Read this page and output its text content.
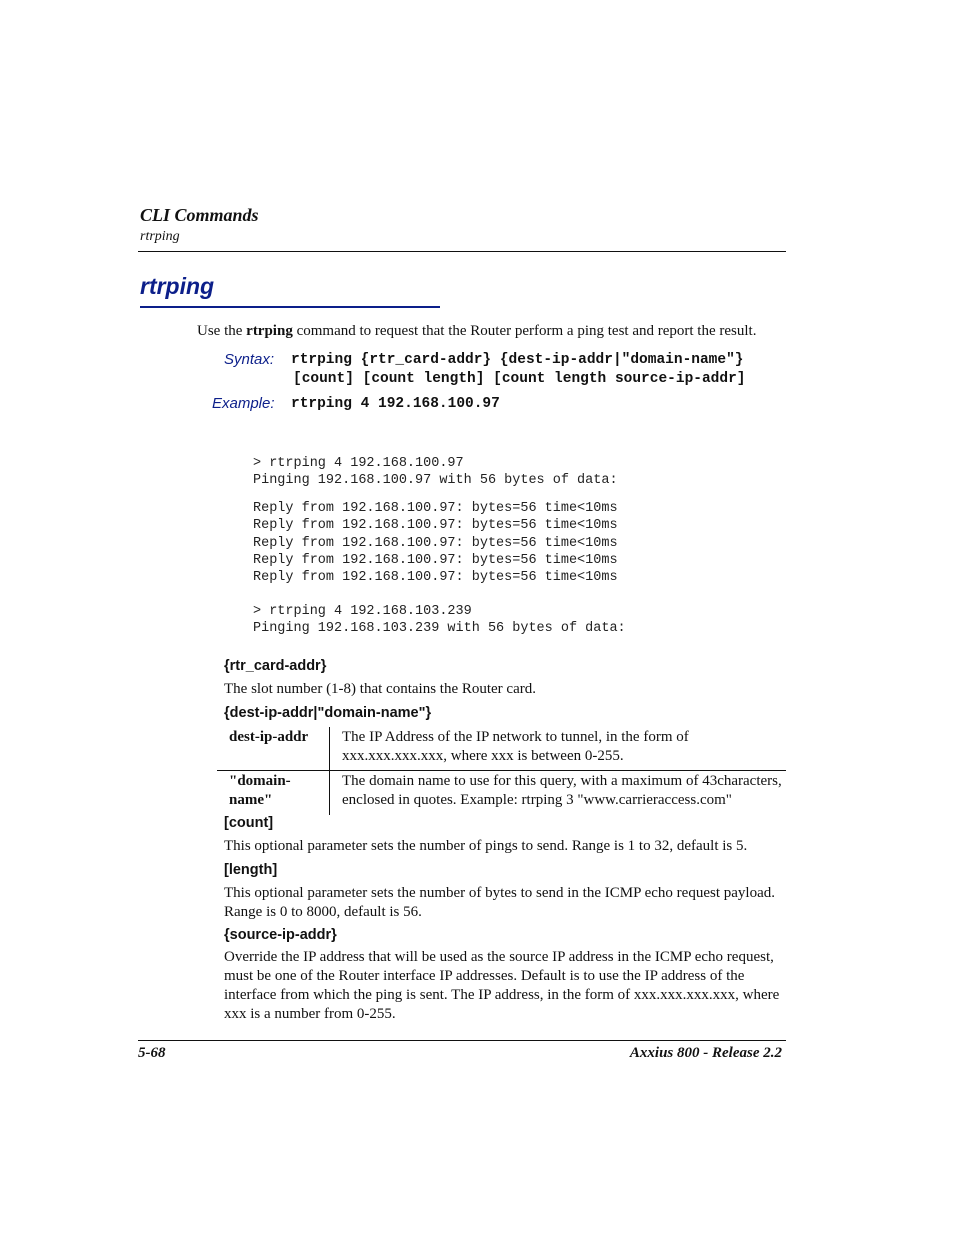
CLI Commands
rtrping
rtrping
Use the rtrping command to request that the Router perform a ping test and report the result.
Syntax: rtrping {rtr_card-addr} {dest-ip-addr|"domain-name"}
[count] [count length] [count length source-ip-addr]
Example: rtrping 4 192.168.100.97

> rtrping 4 192.168.100.97
Pinging 192.168.100.97 with 56 bytes of data:

Reply from 192.168.100.97: bytes=56 time<10ms
Reply from 192.168.100.97: bytes=56 time<10ms
Reply from 192.168.100.97: bytes=56 time<10ms
Reply from 192.168.100.97: bytes=56 time<10ms
Reply from 192.168.100.97: bytes=56 time<10ms

> rtrping 4 192.168.103.239
Pinging 192.168.103.239 with 56 bytes of data:
{rtr_card-addr}
The slot number (1-8) that contains the Router card.
{dest-ip-addr|"domain-name"}
dest-ip-addr	The IP Address of the IP network to tunnel, in the form of xxx.xxx.xxx.xxx, where xxx is between 0-255.
"domain-name"	The domain name to use for this query, with a maximum of 43characters, enclosed in quotes. Example: rtrping 3 "www.carrieraccess.com"
[count]
This optional parameter sets the number of pings to send. Range is 1 to 32, default is 5.
[length]
This optional parameter sets the number of bytes to send in the ICMP echo request payload. Range is 0 to 8000, default is 56.
{source-ip-addr}
Override the IP address that will be used as the source IP address in the ICMP echo request, must be one of the Router interface IP addresses. Default is to use the IP address of the interface from which the ping is sent. The IP address, in the form of xxx.xxx.xxx.xxx, where xxx is a number from 0-255.
5-68	Axxius 800 - Release 2.2
